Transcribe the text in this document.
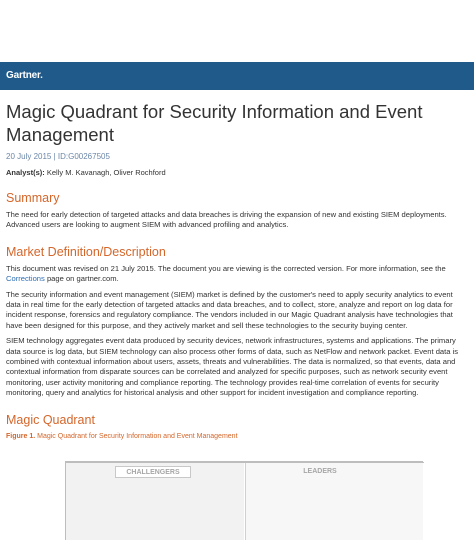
Gartner.
Magic Quadrant for Security Information and Event Management
20 July 2015 | ID:G00267505
Analyst(s): Kelly M. Kavanagh, Oliver Rochford
Summary

The need for early detection of targeted attacks and data breaches is driving the expansion of new and existing SIEM deployments. Advanced users are looking to augment SIEM with advanced profiling and analytics.

Market Definition/Description

This document was revised on 21 July 2015. The document you are viewing is the corrected version. For more information, see the Corrections page on gartner.com.

The security information and event management (SIEM) market is defined by the customer's need to apply security analytics to event data in real time for the early detection of targeted attacks and data breaches, and to collect, store, analyze and report on log data for incident response, forensics and regulatory compliance. The vendors included in our Magic Quadrant analysis have technologies that have been designed for this purpose, and they actively market and sell these technologies to the security buying center.

SIEM technology aggregates event data produced by security devices, network infrastructures, systems and applications. The primary data source is log data, but SIEM technology can also process other forms of data, such as NetFlow and network packet. Event data is combined with contextual information about users, assets, threats and vulnerabilities. The data is normalized, so that events, data and contextual information from disparate sources can be correlated and analyzed for specific purposes, such as network security event monitoring, user activity monitoring and compliance reporting. The technology provides real-time correlation of events for security monitoring, query and analytics for historical analysis and other support for incident investigation and compliance reporting.

Magic Quadrant
Figure 1. Magic Quadrant for Security Information and Event Management
CHALLENGERS	LEADERS
